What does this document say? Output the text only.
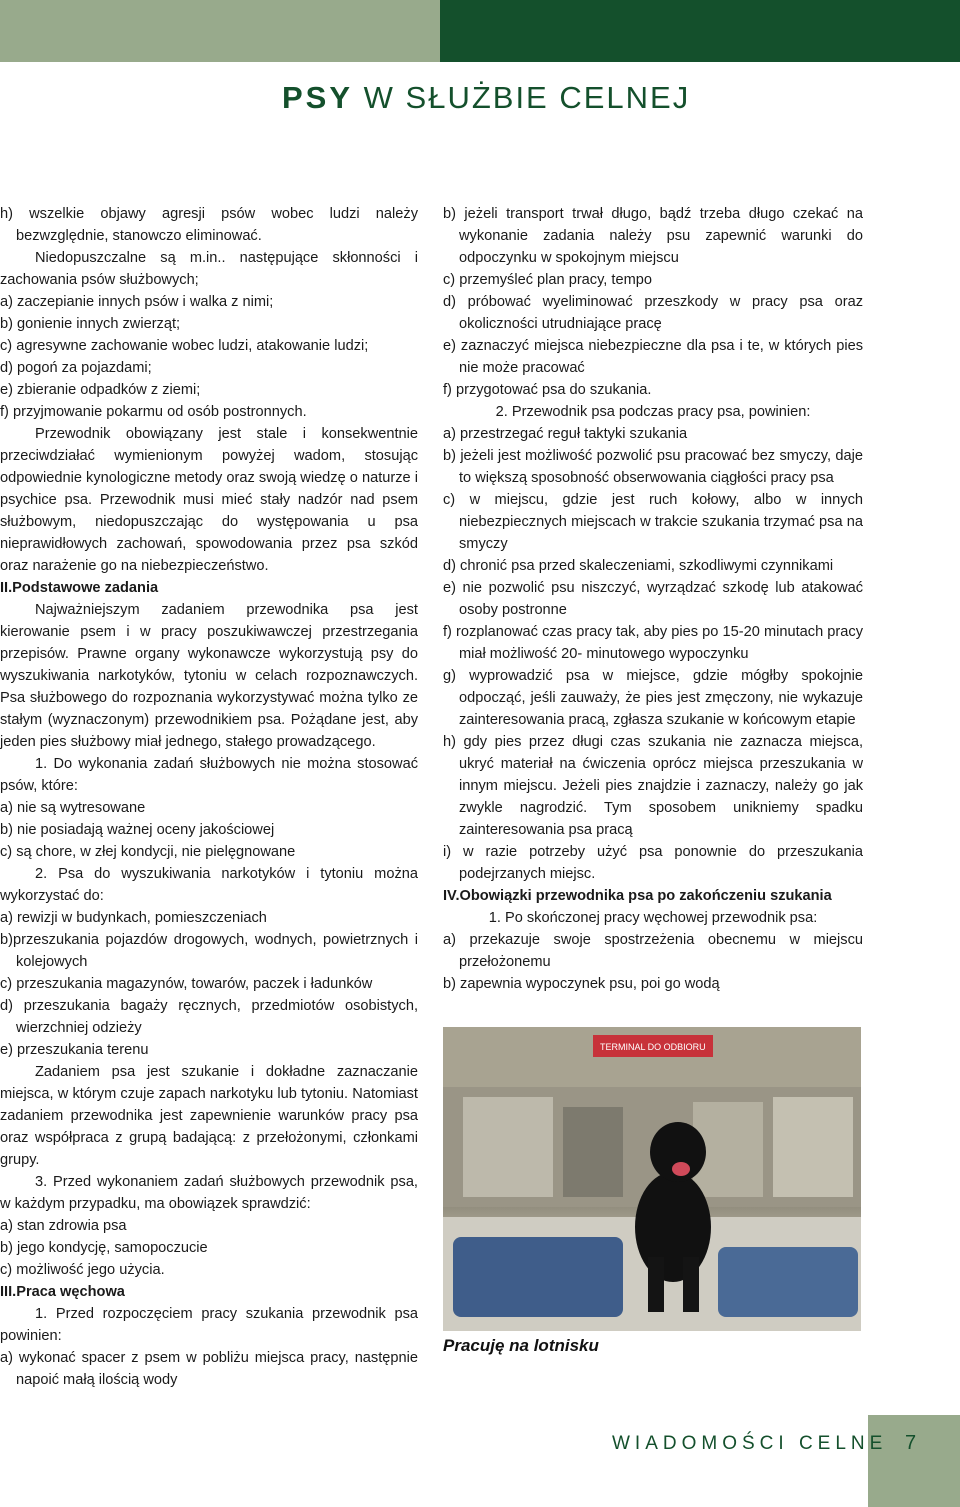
PSY W SŁUŻBIE CELNEJ

h) wszelkie objawy agresji psów wobec ludzi należy bezwzględnie, stanowczo eliminować.

Niedopuszczalne są m.in.. następujące skłonności i zachowania psów służbowych;

a) zaczepianie innych psów i walka z nimi;

b) gonienie innych zwierząt;

c) agresywne zachowanie wobec ludzi, atakowanie ludzi;

d) pogoń za pojazdami;

e) zbieranie odpadków z ziemi;

f) przyjmowanie pokarmu od osób postronnych.

Przewodnik obowiązany jest stale i konsekwentnie przeciwdziałać wymienionym powyżej wadom, stosując odpowiednie kynologiczne metody oraz swoją wiedzę o naturze i psychice psa. Przewodnik musi mieć stały nadzór nad psem służbowym, niedopuszczając do występowania u psa nieprawidłowych zachowań, spowodowania przez psa szkód oraz narażenie go na niebezpieczeństwo.

II.Podstawowe zadania

Najważniejszym zadaniem przewodnika psa jest kierowanie psem i w pracy poszukiwawczej przestrzegania przepisów. Prawne organy wykonawcze wykorzystują psy do wyszukiwania narkotyków, tytoniu w celach rozpoznawczych. Psa służbowego do rozpoznania wykorzystywać można tylko ze stałym (wyznaczonym) przewodnikiem psa. Pożądane jest, aby jeden pies służbowy miał jednego, stałego prowadzącego.

1. Do wykonania zadań służbowych nie można stosować psów, które:

a) nie są wytresowane

b) nie posiadają ważnej oceny jakościowej

c) są chore, w złej kondycji, nie pielęgnowane

2. Psa do wyszukiwania narkotyków i tytoniu można wykorzystać do:

a) rewizji w budynkach, pomieszczeniach

b)przeszukania pojazdów drogowych, wodnych, powietrznych i kolejowych

c) przeszukania magazynów, towarów, paczek i ładunków

d) przeszukania bagaży ręcznych, przedmiotów osobistych, wierzchniej odzieży

e) przeszukania terenu

Zadaniem psa jest szukanie i dokładne zaznaczanie miejsca, w którym czuje zapach narkotyku lub tytoniu. Natomiast zadaniem przewodnika jest zapewnienie warunków pracy psa oraz współpraca z grupą badającą: z przełożonymi, członkami grupy.

3. Przed wykonaniem zadań służbowych przewodnik psa, w każdym przypadku, ma obowiązek sprawdzić:

a) stan zdrowia psa

b) jego kondycję, samopoczucie

c) możliwość jego użycia.

III.Praca węchowa

1. Przed rozpoczęciem pracy szukania przewodnik psa powinien:

a) wykonać spacer z psem w pobliżu miejsca pracy, następnie napoić małą ilością wody

b) jeżeli transport trwał długo, bądź trzeba długo czekać na wykonanie zadania należy psu zapewnić warunki do odpoczynku w spokojnym miejscu

c) przemyśleć plan pracy, tempo

d) próbować wyeliminować przeszkody w pracy psa oraz okoliczności utrudniające pracę

e) zaznaczyć miejsca niebezpieczne dla psa i te, w których pies nie może pracować

f) przygotować psa do szukania.

2. Przewodnik psa podczas pracy psa, powinien:

a) przestrzegać reguł taktyki szukania

b) jeżeli jest możliwość pozwolić psu pracować bez smyczy, daje to większą sposobność obserwowania ciągłości pracy psa

c) w miejscu, gdzie jest ruch kołowy, albo w innych niebezpiecznych miejscach w trakcie szukania trzymać psa na smyczy

d) chronić psa przed skaleczeniami, szkodliwymi czynnikami

e) nie pozwolić psu niszczyć, wyrządzać szkodę lub atakować osoby postronne

f) rozplanować czas pracy tak, aby pies po 15-20 minutach pracy miał możliwość 20- minutowego wypoczynku

g) wyprowadzić psa w miejsce, gdzie mógłby spokojnie odpocząć, jeśli zauważy, że pies jest zmęczony, nie wykazuje zainteresowania pracą, zgłasza szukanie w końcowym etapie

h) gdy pies przez długi czas szukania nie zaznacza miejsca, ukryć materiał na ćwiczenia oprócz miejsca przeszukania w innym miejscu. Jeżeli pies znajdzie i zaznaczy, należy go jak zwykle nagrodzić. Tym sposobem unikniemy spadku zainteresowania psa pracą

i) w razie potrzeby użyć psa ponownie do przeszukania podejrzanych miejsc.

IV.Obowiązki przewodnika psa po zakończeniu szukania

1. Po skończonej pracy węchowej przewodnik psa:

a) przekazuje swoje spostrzeżenia obecnemu w miejscu przełożonemu

b) zapewnia wypoczynek psu, poi go wodą

TERMINAL DO ODBIORU
Pracuję na lotnisku
WIADOMOŚCI CELNE 7
